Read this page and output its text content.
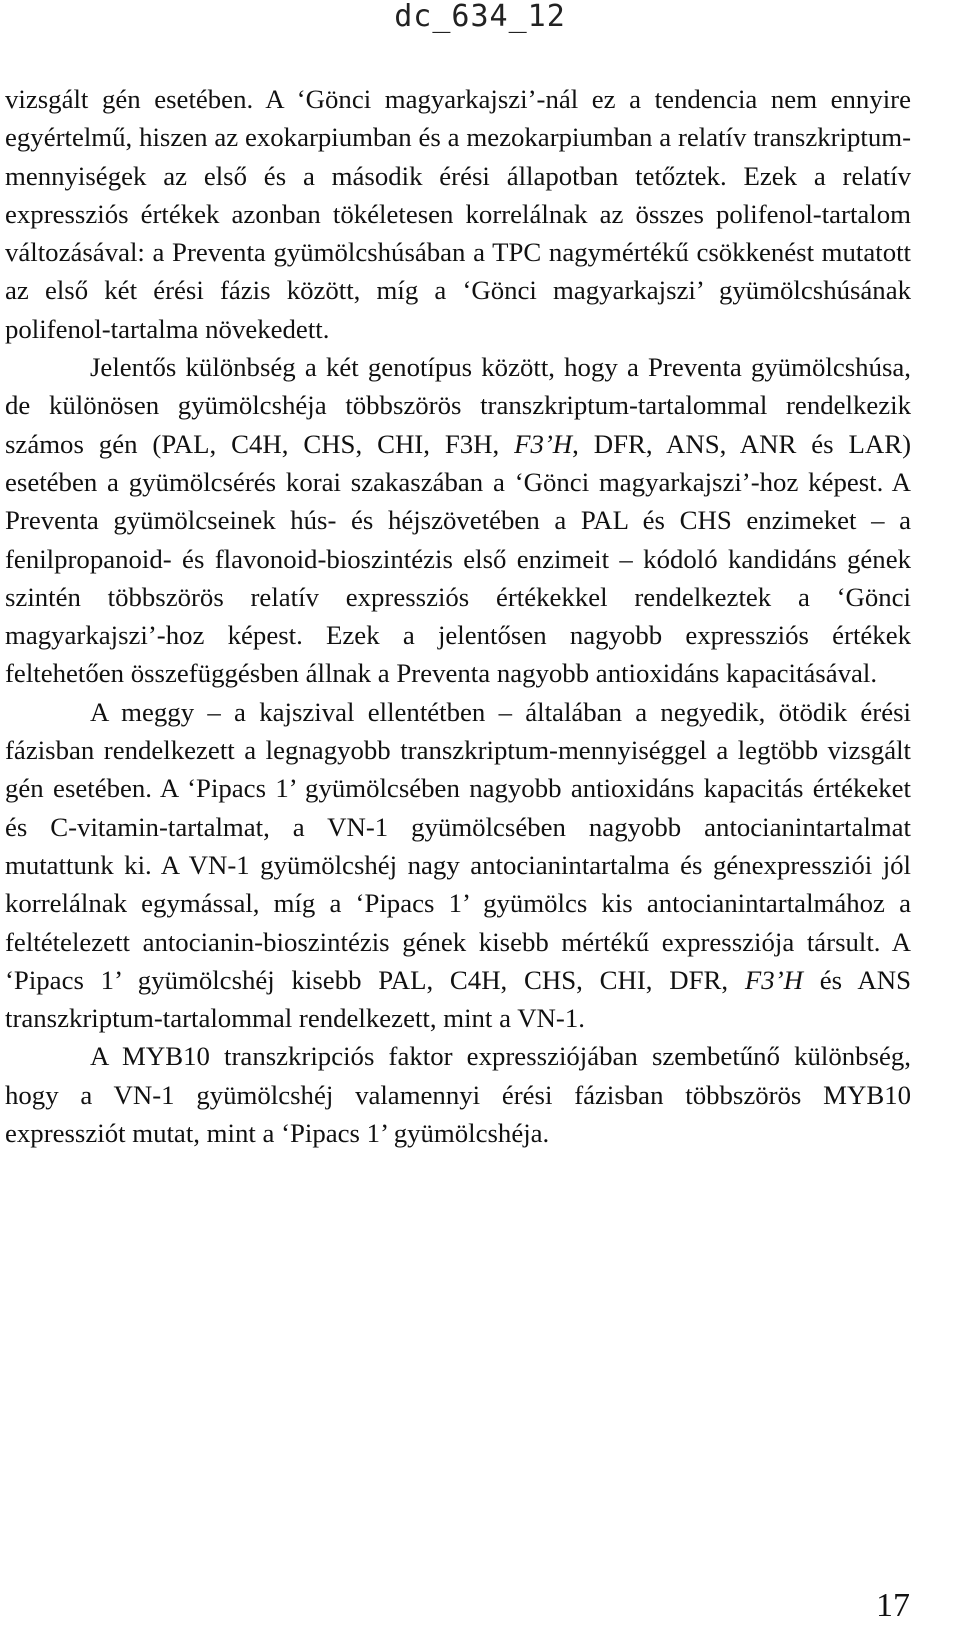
dc_634_12

vizsgált gén esetében. A ‘Gönci magyarkajszi’-nál ez a tendencia nem ennyire egyértelmű, hiszen az exokarpiumban és a mezokarpiumban a relatív transzkriptum-mennyiségek az első és a második érési állapotban tetőztek. Ezek a relatív expressziós értékek azonban tökéletesen korrelálnak az összes polifenol-tartalom változásával: a Preventa gyümölcshúsában a TPC nagymértékű csökkenést mutatott az első két érési fázis között, míg a ‘Gönci magyarkajszi’ gyümölcshúsának polifenol-tartalma növekedett.

Jelentős különbség a két genotípus között, hogy a Preventa gyümölcshúsa, de különösen gyümölcshéja többszörös transzkriptum-tartalommal rendelkezik számos gén (PAL, C4H, CHS, CHI, F3H, F3’H, DFR, ANS, ANR és LAR) esetében a gyümölcsérés korai szakaszában a ‘Gönci magyarkajszi’-hoz képest. A Preventa gyümölcseinek hús- és héjszövetében a PAL és CHS enzimeket – a fenilpropanoid- és flavonoid-bioszintézis első enzimeit – kódoló kandidáns gének szintén többszörös relatív expressziós értékekkel rendelkeztek a ‘Gönci magyarkajszi’-hoz képest. Ezek a jelentősen nagyobb expressziós értékek feltehetően összefüggésben állnak a Preventa nagyobb antioxidáns kapacitásával.

A meggy – a kajszival ellentétben – általában a negyedik, ötödik érési fázisban rendelkezett a legnagyobb transzkriptum-mennyiséggel a legtöbb vizsgált gén esetében. A ‘Pipacs 1’ gyümölcsében nagyobb antioxidáns kapacitás értékeket és C-vitamin-tartalmat, a VN-1 gyümölcsében nagyobb antocianintartalmat mutattunk ki. A VN-1 gyümölcshéj nagy antocianintartalma és génexpressziói jól korrelálnak egymással, míg a ‘Pipacs 1’ gyümölcs kis antocianintartalmához a feltételezett antocianin-bioszintézis gének kisebb mértékű expressziója társult. A ‘Pipacs 1’ gyümölcshéj kisebb PAL, C4H, CHS, CHI, DFR, F3’H és ANS transzkriptum-tartalommal rendelkezett, mint a VN-1.

A MYB10 transzkripciós faktor expressziójában szembetűnő különbség, hogy a VN-1 gyümölcshéj valamennyi érési fázisban többszörös MYB10 expressziót mutat, mint a ‘Pipacs 1’ gyümölcshéja.

17
